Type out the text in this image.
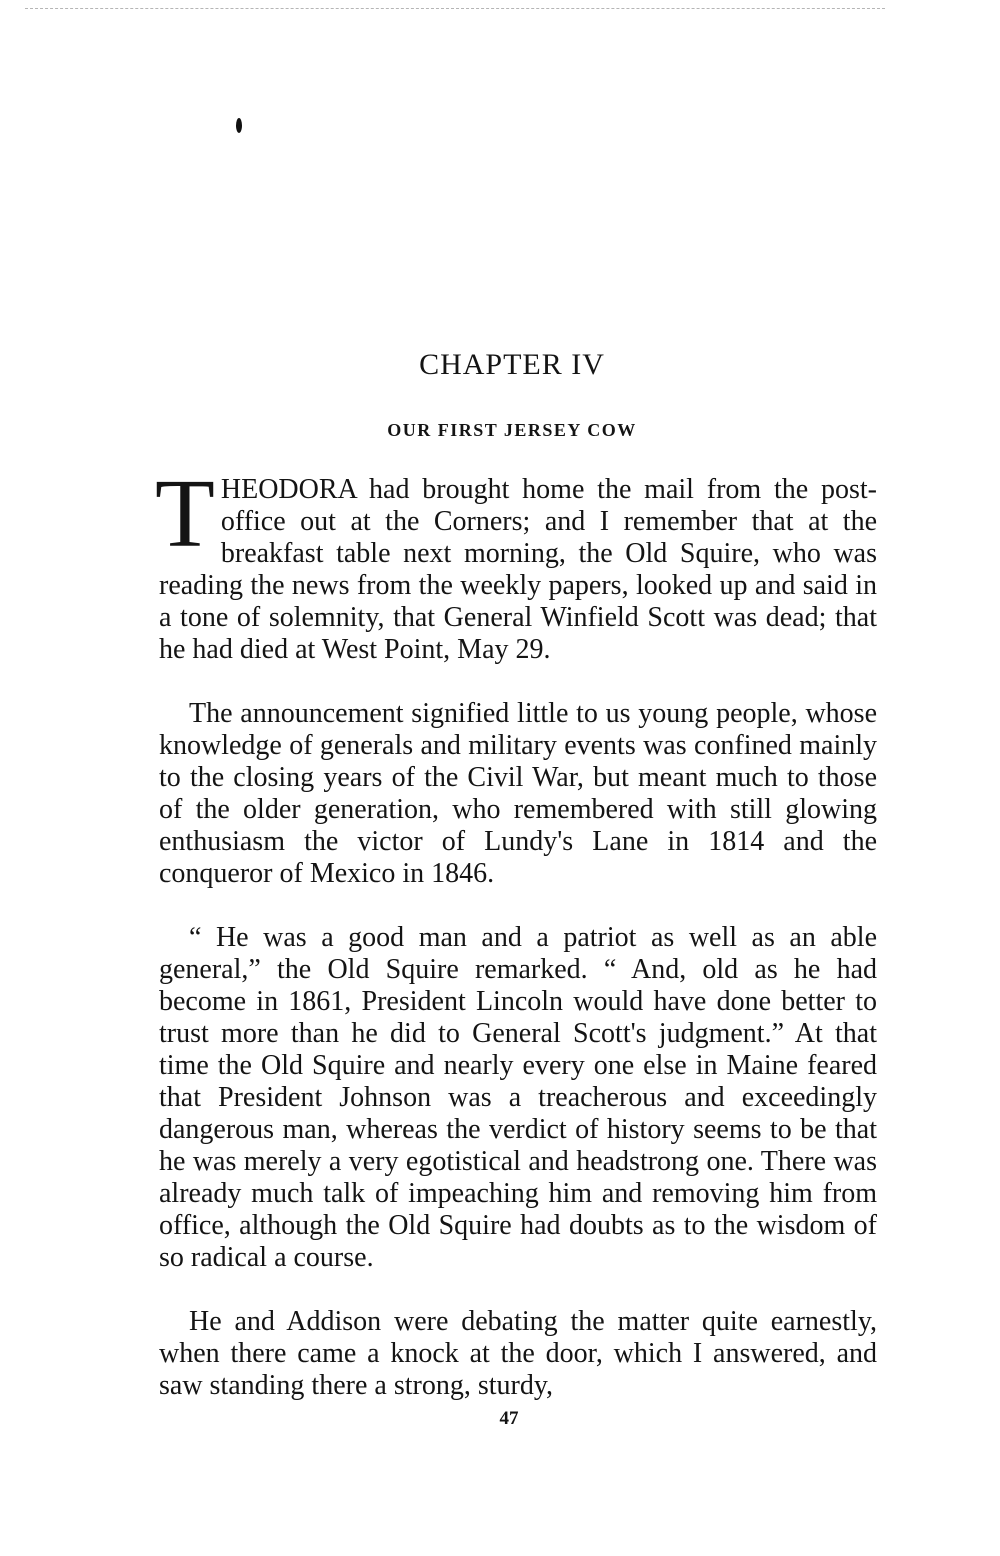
CHAPTER IV
OUR FIRST JERSEY COW

THEODORA had brought home the mail from the post-office out at the Corners; and I remember that at the breakfast table next morning, the Old Squire, who was reading the news from the weekly papers, looked up and said in a tone of solemnity, that General Winfield Scott was dead; that he had died at West Point, May 29.

The announcement signified little to us young people, whose knowledge of generals and military events was confined mainly to the closing years of the Civil War, but meant much to those of the older generation, who remembered with still glowing enthusiasm the victor of Lundy's Lane in 1814 and the conqueror of Mexico in 1846.

“ He was a good man and a patriot as well as an able general,” the Old Squire remarked. “ And, old as he had become in 1861, President Lincoln would have done better to trust more than he did to General Scott's judgment.” At that time the Old Squire and nearly every one else in Maine feared that President Johnson was a treacherous and exceedingly dangerous man, whereas the verdict of history seems to be that he was merely a very egotistical and headstrong one. There was already much talk of impeaching him and removing him from office, although the Old Squire had doubts as to the wisdom of so radical a course.

He and Addison were debating the matter quite earnestly, when there came a knock at the door, which I answered, and saw standing there a strong, sturdy,

47
